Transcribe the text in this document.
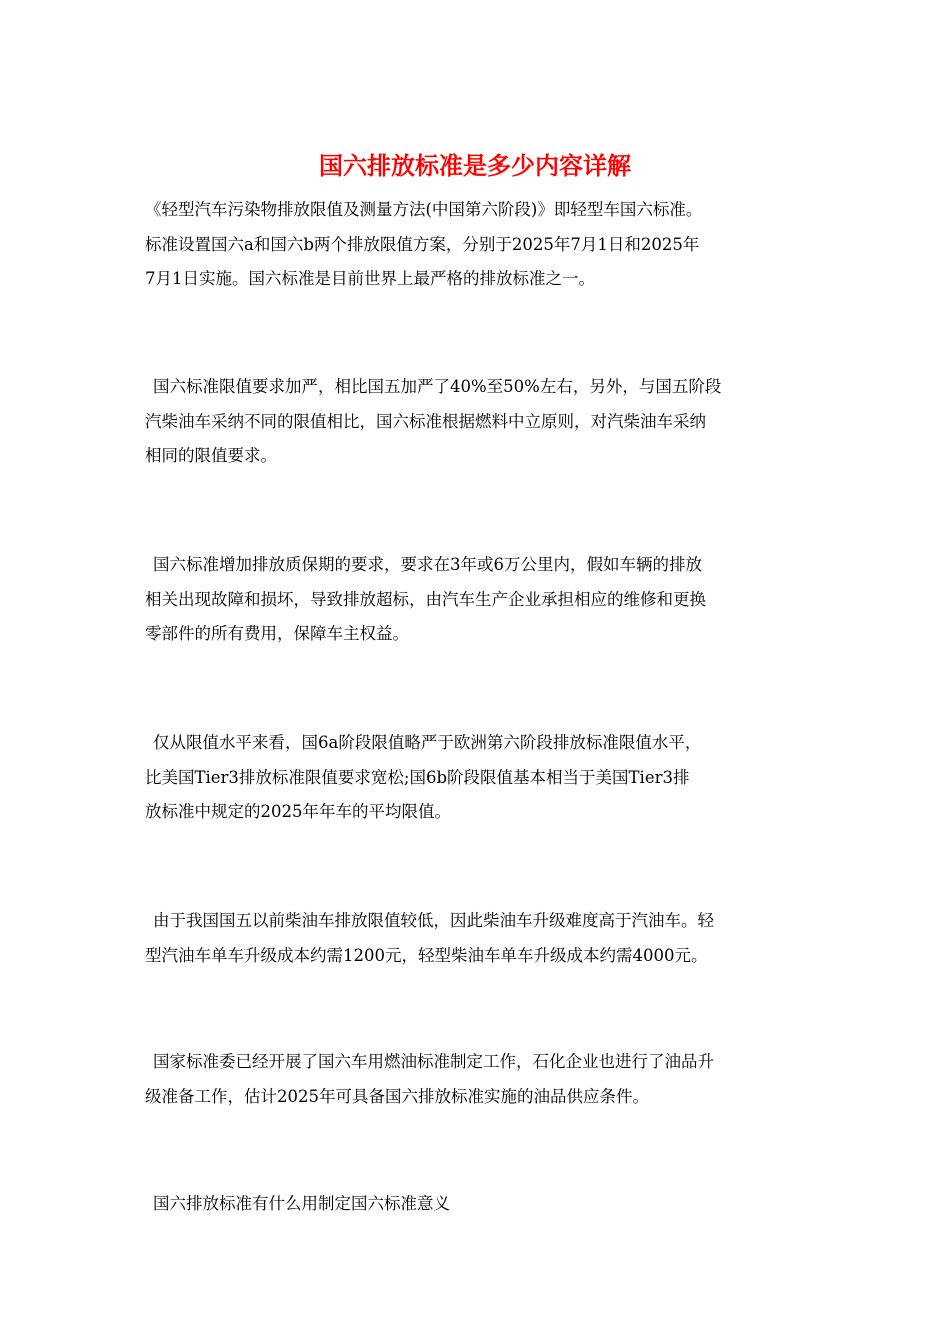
国六排放标准是多少内容详解

《轻型汽车污染物排放限值及测量方法(中国第六阶段)》即轻型车国六标准。
标准设置国六a和国六b两个排放限值方案，分别于2025年7月1日和2025年
7月1日实施。国六标准是目前世界上最严格的排放标准之一。

国六标准限值要求加严，相比国五加严了40%至50%左右，另外，与国五阶段
汽柴油车采纳不同的限值相比，国六标准根据燃料中立原则，对汽柴油车采纳
相同的限值要求。

国六标准增加排放质保期的要求，要求在3年或6万公里内，假如车辆的排放
相关出现故障和损坏，导致排放超标，由汽车生产企业承担相应的维修和更换
零部件的所有费用，保障车主权益。

仅从限值水平来看，国6a阶段限值略严于欧洲第六阶段排放标准限值水平，
比美国Tier3排放标准限值要求宽松;国6b阶段限值基本相当于美国Tier3排
放标准中规定的2025年年车的平均限值。

由于我国国五以前柴油车排放限值较低，因此柴油车升级难度高于汽油车。轻
型汽油车单车升级成本约需1200元，轻型柴油车单车升级成本约需4000元。

国家标准委已经开展了国六车用燃油标准制定工作，石化企业也进行了油品升
级准备工作，估计2025年可具备国六排放标准实施的油品供应条件。

国六排放标准有什么用制定国六标准意义
